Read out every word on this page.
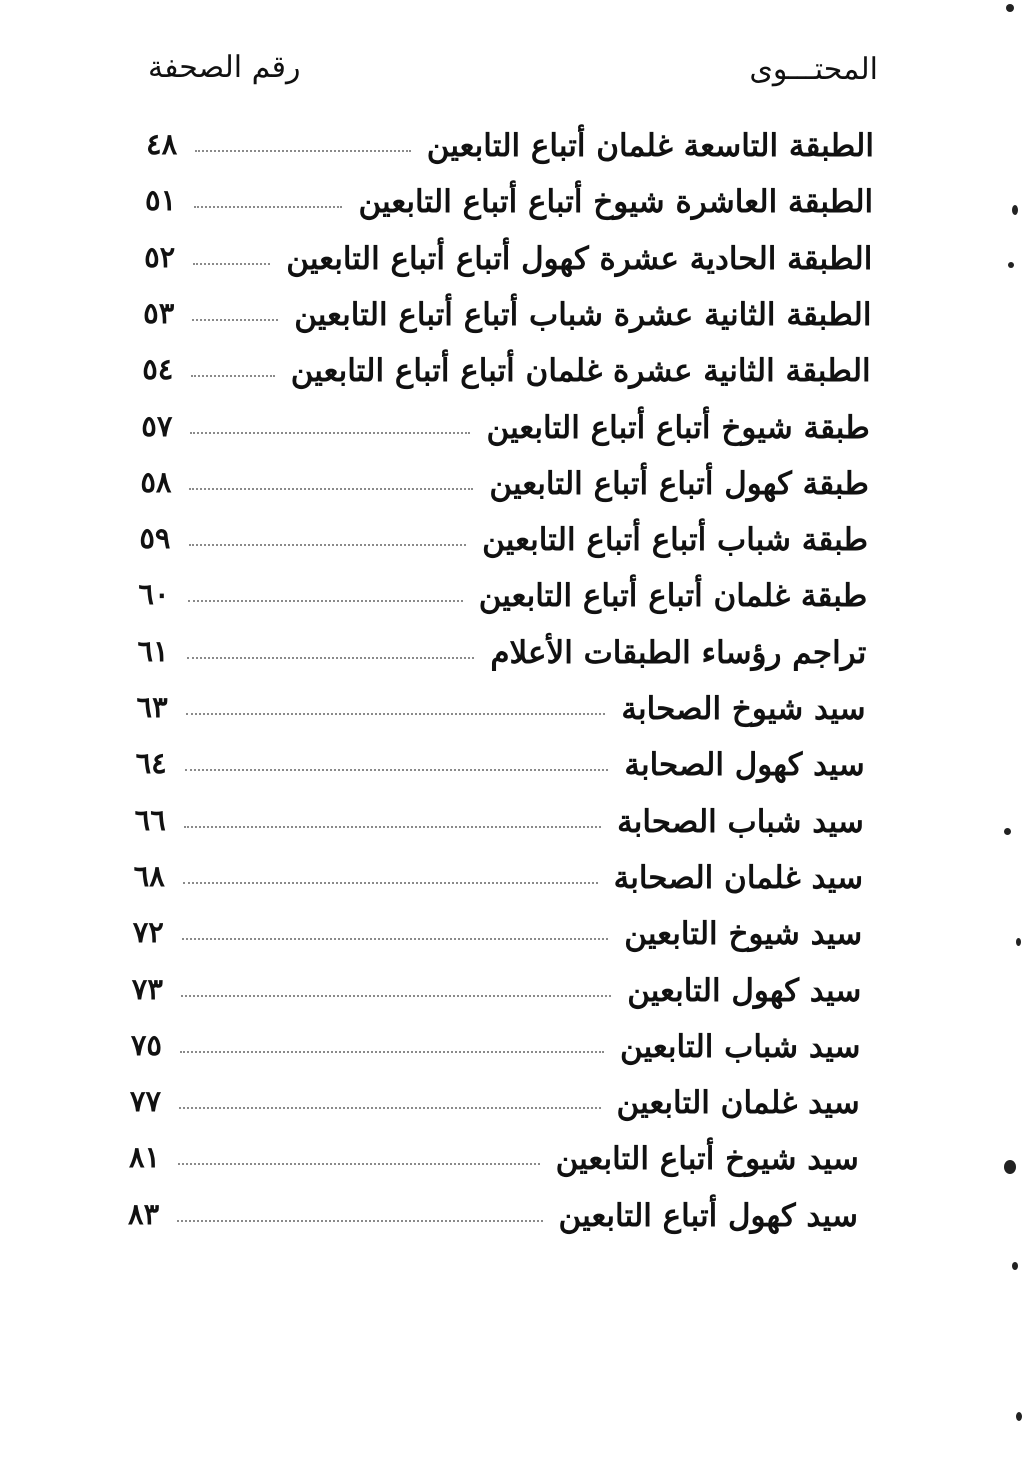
المحتـــوى
رقم الصحفة
٤٨	الطبقة التاسعة غلمان أتباع التابعين
٥١	الطبقة العاشرة شيوخ أتباع أتباع التابعين
٥٢	الطبقة الحادية عشرة كهول أتباع أتباع التابعين
٥٣	الطبقة الثانية عشرة شباب أتباع أتباع التابعين
٥٤	الطبقة الثانية عشرة غلمان أتباع أتباع التابعين
٥٧	طبقة شيوخ أتباع أتباع التابعين
٥٨	طبقة كهول أتباع أتباع التابعين
٥٩	طبقة شباب أتباع أتباع التابعين
٦٠	طبقة غلمان أتباع أتباع التابعين
٦١	تراجم رؤساء الطبقات الأعلام
٦٣	سيد شيوخ الصحابة
٦٤	سيد كهول الصحابة
٦٦	سيد شباب الصحابة
٦٨	سيد غلمان الصحابة
٧٢	سيد شيوخ التابعين
٧٣	سيد كهول التابعين
٧٥	سيد شباب التابعين
٧٧	سيد غلمان التابعين
٨١	سيد شيوخ أتباع التابعين
٨٣	سيد كهول أتباع التابعين
